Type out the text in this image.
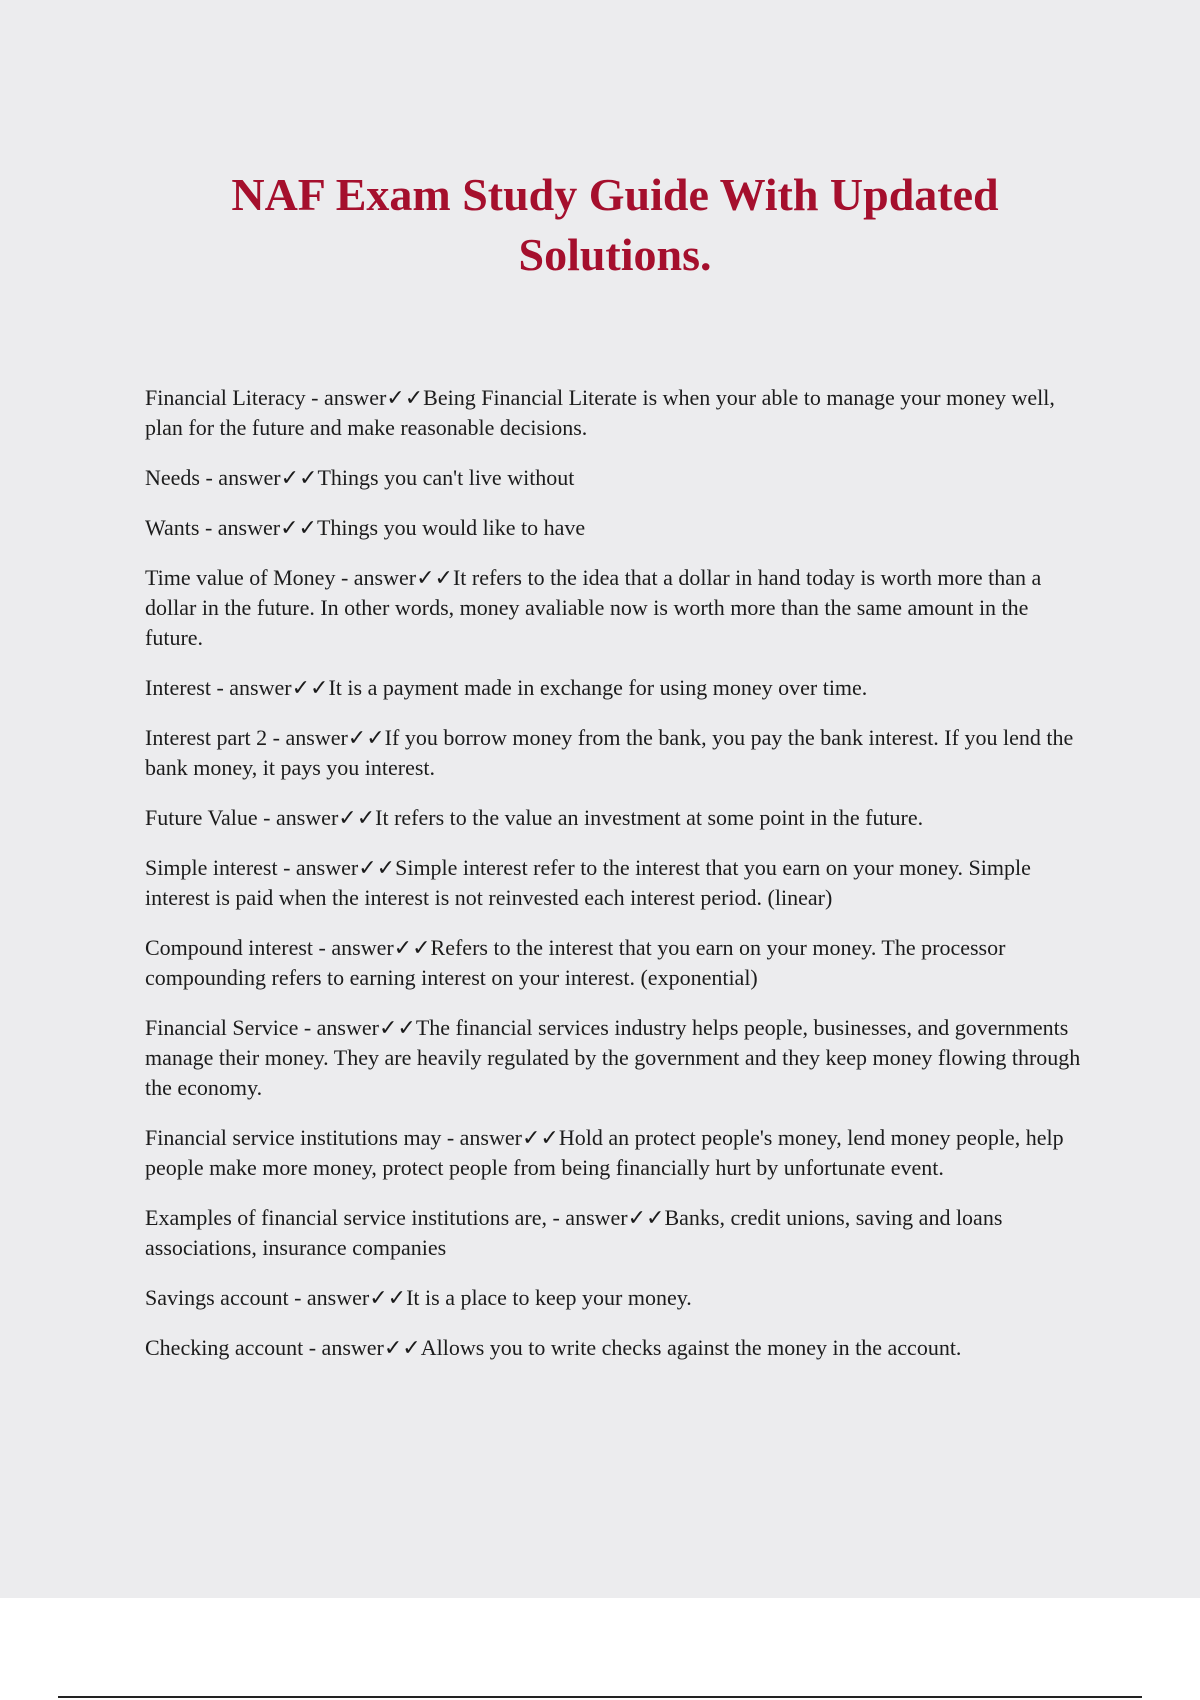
NAF Exam Study Guide With Updated
Solutions.

Financial Literacy - answer✓✓Being Financial Literate is when your able to manage your money well, plan for the future and make reasonable decisions.

Needs - answer✓✓Things you can't live without

Wants - answer✓✓Things you would like to have

Time value of Money - answer✓✓It refers to the idea that a dollar in hand today is worth more than a dollar in the future. In other words, money avaliable now is worth more than the same amount in the future.

Interest - answer✓✓It is a payment made in exchange for using money over time.

Interest part 2 - answer✓✓If you borrow money from the bank, you pay the bank interest. If you lend the bank money, it pays you interest.

Future Value - answer✓✓It refers to the value an investment at some point in the future.

Simple interest - answer✓✓Simple interest refer to the interest that you earn on your money. Simple interest is paid when the interest is not reinvested each interest period. (linear)

Compound interest - answer✓✓Refers to the interest that you earn on your money. The processor compounding refers to earning interest on your interest. (exponential)

Financial Service - answer✓✓The financial services industry helps people, businesses, and governments manage their money. They are heavily regulated by the government and they keep money flowing through the economy.

Financial service institutions may - answer✓✓Hold an protect people's money, lend money people, help people make more money, protect people from being financially hurt by unfortunate event.

Examples of financial service institutions are, - answer✓✓Banks, credit unions, saving and loans associations, insurance companies

Savings account - answer✓✓It is a place to keep your money.

Checking account - answer✓✓Allows you to write checks against the money in the account.
